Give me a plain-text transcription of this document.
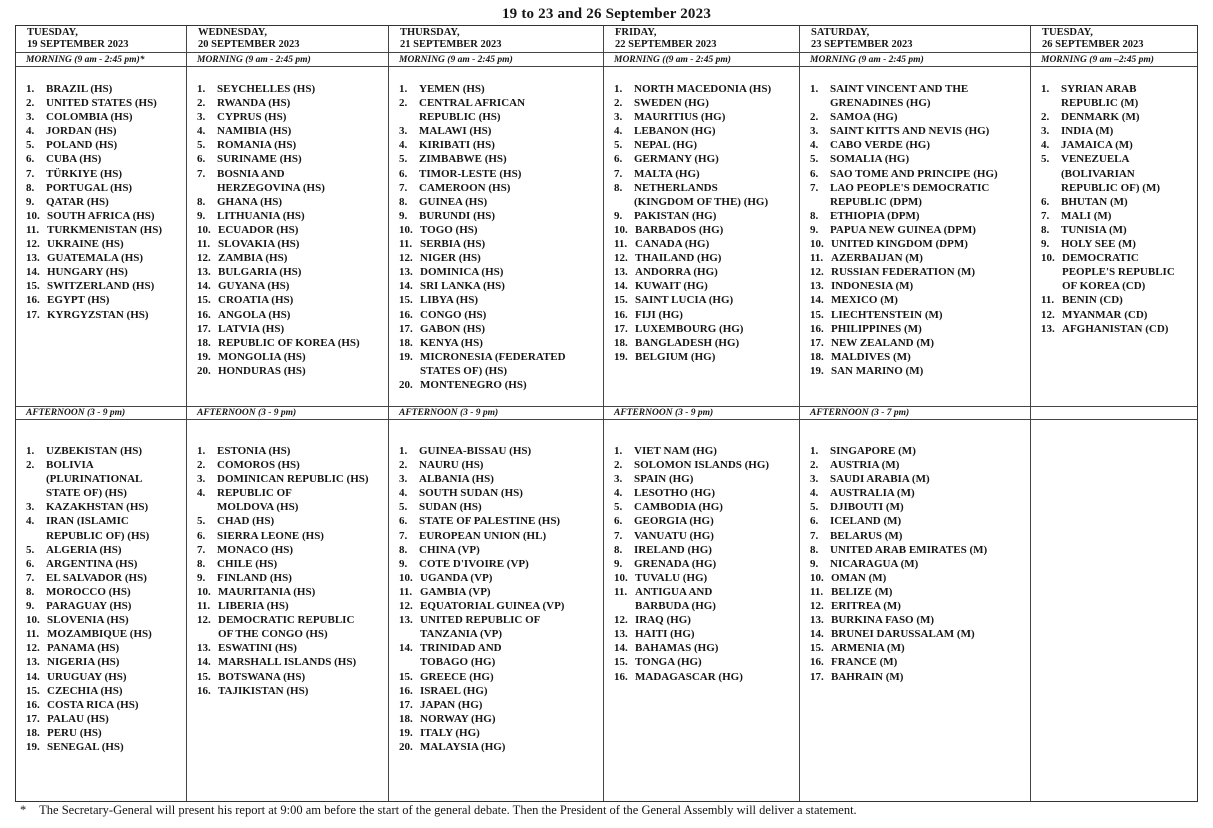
19 to 23 and 26 September 2023
TUESDAY,
19 SEPTEMBER 2023
MORNING (9 am - 2:45 pm)*
1. BRAZIL (HS)
2. UNITED STATES (HS)
3. COLOMBIA (HS)
4. JORDAN (HS)
5. POLAND (HS)
6. CUBA (HS)
7. TÜRKIYE (HS)
8. PORTUGAL (HS)
9. QATAR (HS)
10. SOUTH AFRICA (HS)
11. TURKMENISTAN (HS)
12. UKRAINE (HS)
13. GUATEMALA (HS)
14. HUNGARY (HS)
15. SWITZERLAND (HS)
16. EGYPT (HS)
17. KYRGYZSTAN (HS)
AFTERNOON (3 - 9 pm)
1. UZBEKISTAN (HS)
2. BOLIVIA
(PLURINATIONAL
STATE OF) (HS)
3. KAZAKHSTAN (HS)
4. IRAN (ISLAMIC
REPUBLIC OF) (HS)
5. ALGERIA (HS)
6. ARGENTINA (HS)
7. EL SALVADOR (HS)
8. MOROCCO (HS)
9. PARAGUAY (HS)
10. SLOVENIA (HS)
11. MOZAMBIQUE (HS)
12. PANAMA (HS)
13. NIGERIA (HS)
14. URUGUAY (HS)
15. CZECHIA (HS)
16. COSTA RICA (HS)
17. PALAU (HS)
18. PERU (HS)
19. SENEGAL (HS)
WEDNESDAY,
20 SEPTEMBER 2023
MORNING (9 am - 2:45 pm)
1. SEYCHELLES (HS)
2. RWANDA (HS)
3. CYPRUS (HS)
4. NAMIBIA (HS)
5. ROMANIA (HS)
6. SURINAME (HS)
7. BOSNIA AND
HERZEGOVINA (HS)
8. GHANA (HS)
9. LITHUANIA (HS)
10. ECUADOR (HS)
11. SLOVAKIA (HS)
12. ZAMBIA (HS)
13. BULGARIA (HS)
14. GUYANA (HS)
15. CROATIA (HS)
16. ANGOLA (HS)
17. LATVIA (HS)
18. REPUBLIC OF KOREA (HS)
19. MONGOLIA (HS)
20. HONDURAS (HS)
AFTERNOON (3 - 9 pm)
1. ESTONIA (HS)
2. COMOROS (HS)
3. DOMINICAN REPUBLIC (HS)
4. REPUBLIC OF
MOLDOVA (HS)
5. CHAD (HS)
6. SIERRA LEONE (HS)
7. MONACO (HS)
8. CHILE (HS)
9. FINLAND (HS)
10. MAURITANIA (HS)
11. LIBERIA (HS)
12. DEMOCRATIC REPUBLIC
OF THE CONGO (HS)
13. ESWATINI (HS)
14. MARSHALL ISLANDS (HS)
15. BOTSWANA (HS)
16. TAJIKISTAN (HS)
THURSDAY,
21 SEPTEMBER 2023
MORNING (9 am - 2:45 pm)
1. YEMEN (HS)
2. CENTRAL AFRICAN
REPUBLIC (HS)
3. MALAWI (HS)
4. KIRIBATI (HS)
5. ZIMBABWE (HS)
6. TIMOR-LESTE (HS)
7. CAMEROON (HS)
8. GUINEA (HS)
9. BURUNDI (HS)
10. TOGO (HS)
11. SERBIA (HS)
12. NIGER (HS)
13. DOMINICA (HS)
14. SRI LANKA (HS)
15. LIBYA (HS)
16. CONGO (HS)
17. GABON (HS)
18. KENYA (HS)
19. MICRONESIA (FEDERATED
STATES OF) (HS)
20. MONTENEGRO (HS)
AFTERNOON (3 - 9 pm)
1. GUINEA-BISSAU (HS)
2. NAURU (HS)
3. ALBANIA (HS)
4. SOUTH SUDAN (HS)
5. SUDAN (HS)
6. STATE OF PALESTINE (HS)
7. EUROPEAN UNION (HL)
8. CHINA (VP)
9. COTE D'IVOIRE (VP)
10. UGANDA (VP)
11. GAMBIA (VP)
12. EQUATORIAL GUINEA (VP)
13. UNITED REPUBLIC OF
TANZANIA (VP)
14. TRINIDAD AND
TOBAGO (HG)
15. GREECE (HG)
16. ISRAEL (HG)
17. JAPAN (HG)
18. NORWAY (HG)
19. ITALY (HG)
20. MALAYSIA (HG)
FRIDAY,
22 SEPTEMBER 2023
MORNING ((9 am - 2:45 pm)
1. NORTH MACEDONIA (HS)
2. SWEDEN (HG)
3. MAURITIUS (HG)
4. LEBANON (HG)
5. NEPAL (HG)
6. GERMANY (HG)
7. MALTA (HG)
8. NETHERLANDS
(KINGDOM OF THE) (HG)
9. PAKISTAN (HG)
10. BARBADOS (HG)
11. CANADA (HG)
12. THAILAND (HG)
13. ANDORRA (HG)
14. KUWAIT (HG)
15. SAINT LUCIA (HG)
16. FIJI (HG)
17. LUXEMBOURG (HG)
18. BANGLADESH (HG)
19. BELGIUM (HG)
AFTERNOON (3 - 9 pm)
1. VIET NAM (HG)
2. SOLOMON ISLANDS (HG)
3. SPAIN (HG)
4. LESOTHO (HG)
5. CAMBODIA (HG)
6. GEORGIA (HG)
7. VANUATU (HG)
8. IRELAND (HG)
9. GRENADA (HG)
10. TUVALU (HG)
11. ANTIGUA AND
BARBUDA (HG)
12. IRAQ (HG)
13. HAITI (HG)
14. BAHAMAS (HG)
15. TONGA (HG)
16. MADAGASCAR (HG)
SATURDAY,
23 SEPTEMBER 2023
MORNING (9 am - 2:45 pm)
1. SAINT VINCENT AND THE
GRENADINES (HG)
2. SAMOA (HG)
3. SAINT KITTS AND NEVIS (HG)
4. CABO VERDE (HG)
5. SOMALIA (HG)
6. SAO TOME AND PRINCIPE (HG)
7. LAO PEOPLE'S DEMOCRATIC
REPUBLIC (DPM)
8. ETHIOPIA (DPM)
9. PAPUA NEW GUINEA (DPM)
10. UNITED KINGDOM (DPM)
11. AZERBAIJAN (M)
12. RUSSIAN FEDERATION (M)
13. INDONESIA (M)
14. MEXICO (M)
15. LIECHTENSTEIN (M)
16. PHILIPPINES (M)
17. NEW ZEALAND (M)
18. MALDIVES (M)
19. SAN MARINO (M)
AFTERNOON (3 - 7 pm)
1. SINGAPORE (M)
2. AUSTRIA (M)
3. SAUDI ARABIA (M)
4. AUSTRALIA (M)
5. DJIBOUTI (M)
6. ICELAND (M)
7. BELARUS (M)
8. UNITED ARAB EMIRATES (M)
9. NICARAGUA (M)
10. OMAN (M)
11. BELIZE (M)
12. ERITREA (M)
13. BURKINA FASO (M)
14. BRUNEI DARUSSALAM (M)
15. ARMENIA (M)
16. FRANCE (M)
17. BAHRAIN (M)
TUESDAY,
26 SEPTEMBER 2023
MORNING (9 am –2:45 pm)
1. SYRIAN ARAB
REPUBLIC (M)
2. DENMARK (M)
3. INDIA (M)
4. JAMAICA (M)
5. VENEZUELA
(BOLIVARIAN
REPUBLIC OF) (M)
6. BHUTAN (M)
7. MALI (M)
8. TUNISIA (M)
9. HOLY SEE (M)
10. DEMOCRATIC
PEOPLE'S REPUBLIC
OF KOREA (CD)
11. BENIN (CD)
12. MYANMAR (CD)
13. AFGHANISTAN (CD)
* The Secretary-General will present his report at 9:00 am before the start of the general debate. Then the President of the General Assembly will deliver a statement.
